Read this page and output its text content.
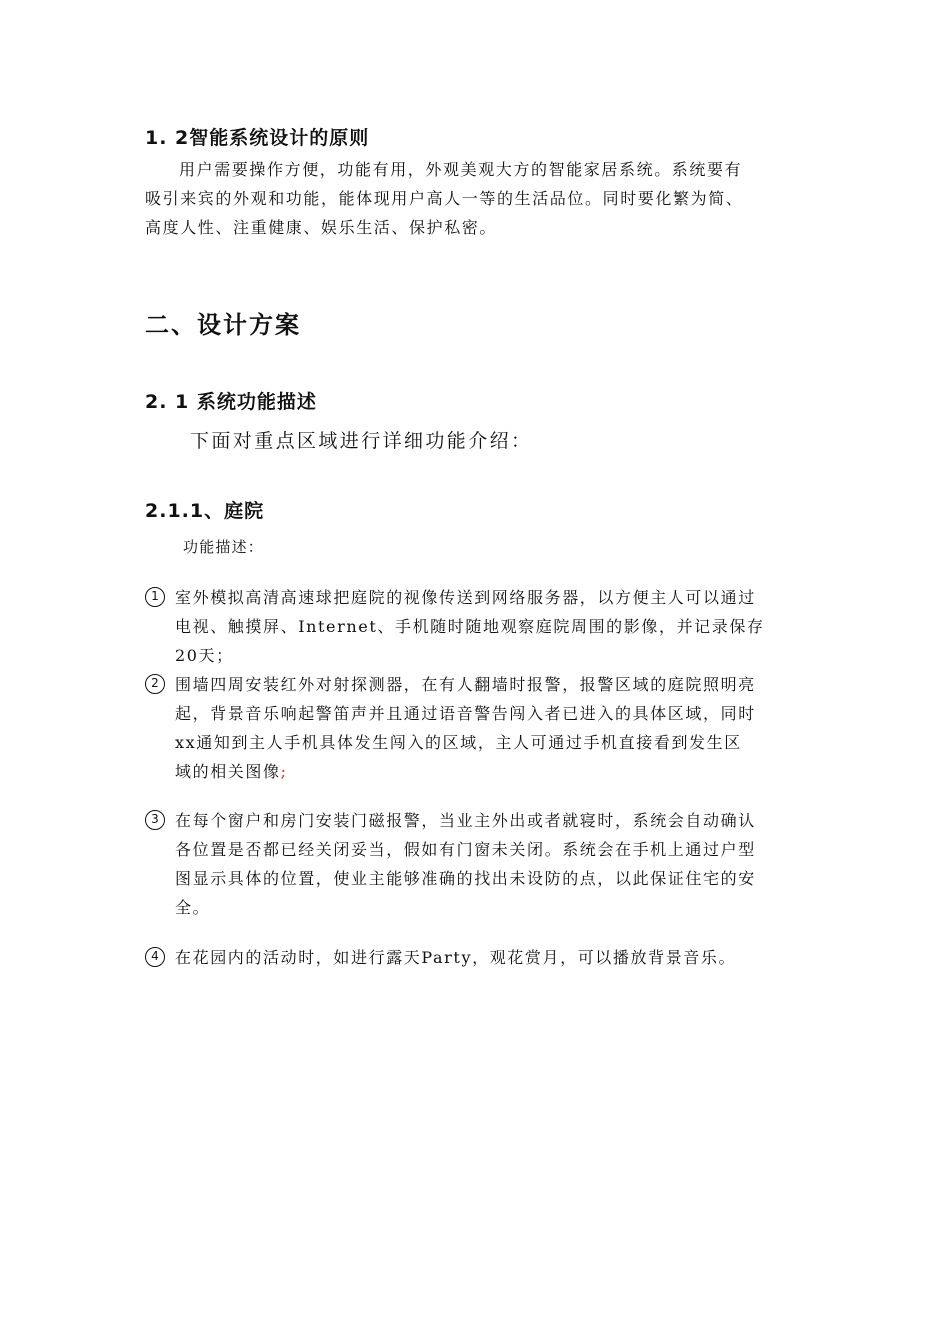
1. 2智能系统设计的原则
用户需要操作方便，功能有用，外观美观大方的智能家居系统。系统要有
吸引来宾的外观和功能，能体现用户高人一等的生活品位。同时要化繁为简、
高度人性、注重健康、娱乐生活、保护私密。
二、设计方案
2. 1 系统功能描述
下面对重点区域进行详细功能介绍：
2.1.1、庭院
功能描述：
1	室外模拟高清高速球把庭院的视像传送到网络服务器，以方便主人可以通过
电视、触摸屏、Internet、手机随时随地观察庭院周围的影像，并记录保存
20天；
2	围墙四周安装红外对射探测器，在有人翻墙时报警，报警区域的庭院照明亮
起，背景音乐响起警笛声并且通过语音警告闯入者已进入的具体区域，同时
xx通知到主人手机具体发生闯入的区域，主人可通过手机直接看到发生区
域的相关图像;
3	在每个窗户和房门安装门磁报警，当业主外出或者就寝时，系统会自动确认
各位置是否都已经关闭妥当，假如有门窗未关闭。系统会在手机上通过户型
图显示具体的位置，使业主能够准确的找出未设防的点，以此保证住宅的安
全。
4	在花园内的活动时，如进行露天Party，观花赏月，可以播放背景音乐。
